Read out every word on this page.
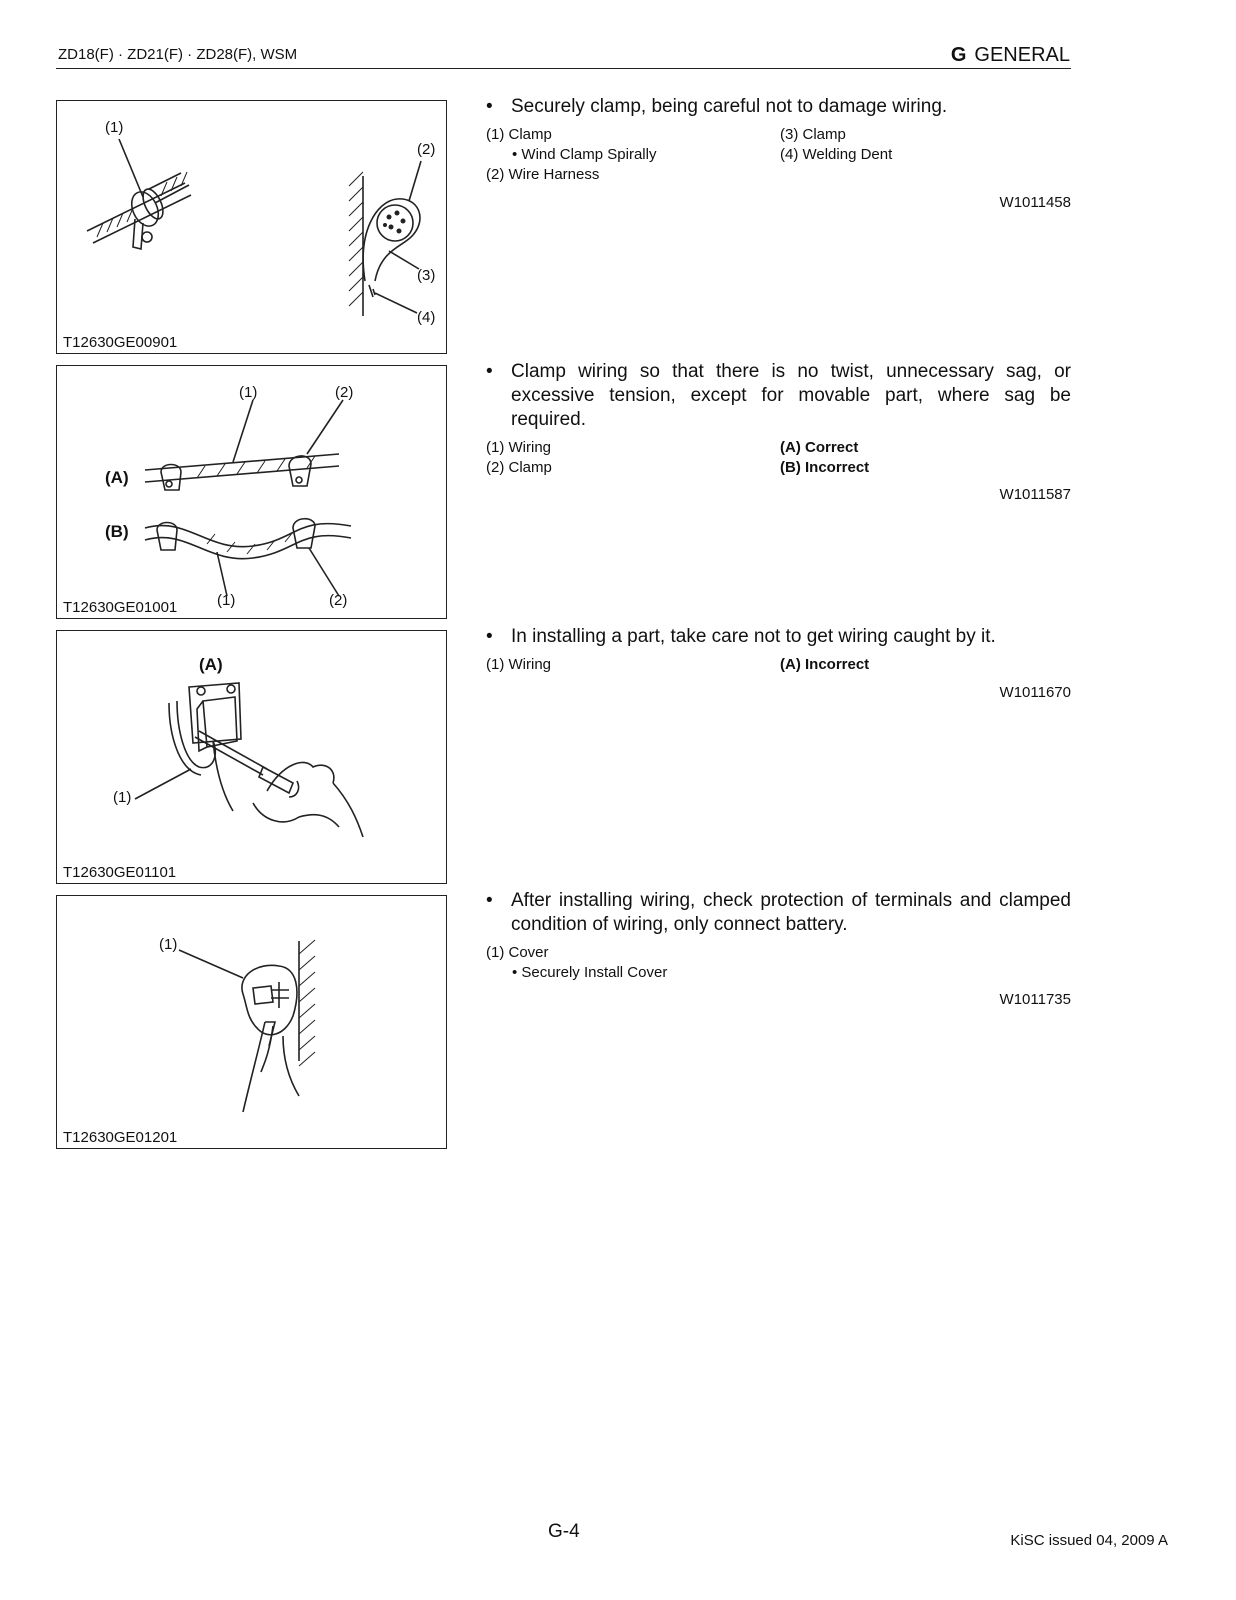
ZD18(F) · ZD21(F) · ZD28(F), WSM	G GENERAL
(1)
(2)
(3)
(4)
T12630GE00901
(1)	(2)
(A)
(B)
(1)	(2)
T12630GE01001
(A)
(1)
T12630GE01101
(1)
T12630GE01201
• Securely clamp, being careful not to damage wiring.
(1) Clamp
• Wind Clamp Spirally
(2) Wire Harness
(3) Clamp
(4) Welding Dent
W1011458
• Clamp wiring so that there is no twist, unnecessary sag, or excessive tension, except for movable part, where sag be required.
(1) Wiring
(2) Clamp
(A) Correct
(B) Incorrect
W1011587
• In installing a part, take care not to get wiring caught by it.
(1) Wiring	(A) Incorrect
W1011670
• After installing wiring, check protection of terminals and clamped condition of wiring, only connect battery.
(1) Cover
• Securely Install Cover
W1011735
G-4	KiSC issued 04, 2009 A
